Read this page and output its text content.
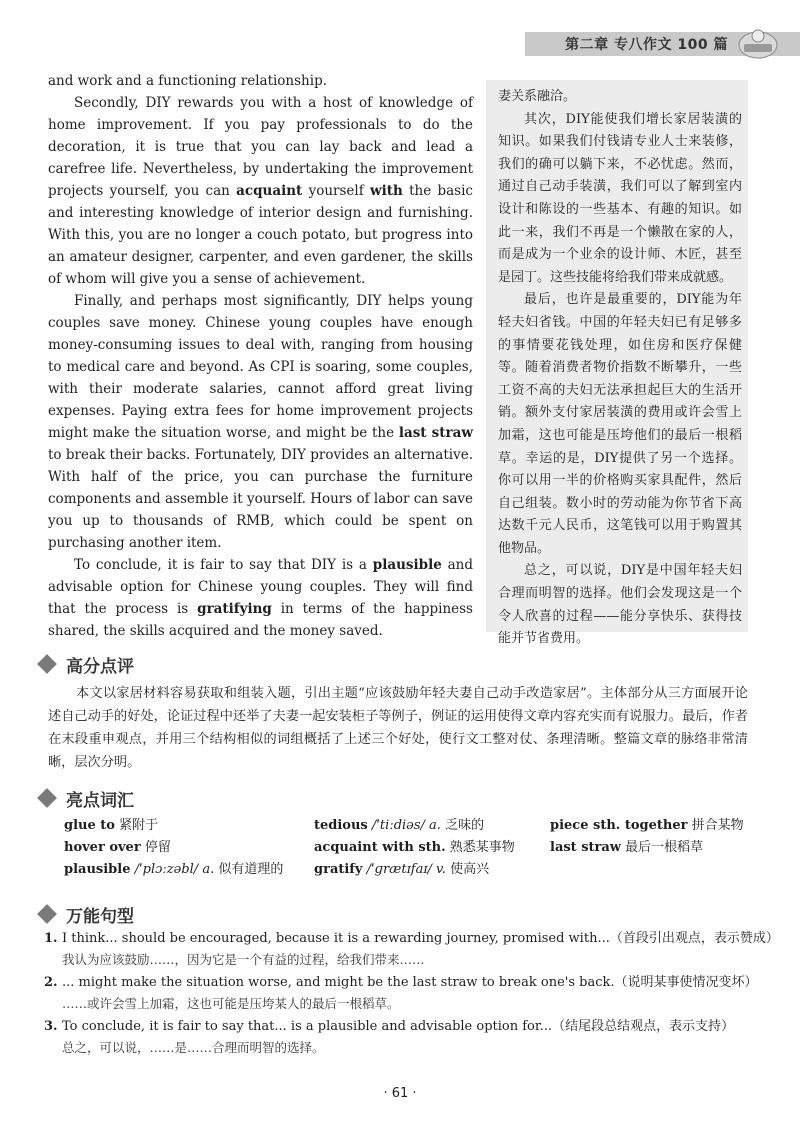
第二章 专八作文 100 篇

and work and a functioning relationship.

Secondly, DIY rewards you with a host of knowledge of home improvement. If you pay professionals to do the decoration, it is true that you can lay back and lead a carefree life. Nevertheless, by undertaking the improvement projects yourself, you can acquaint yourself with the basic and interesting knowledge of interior design and furnishing. With this, you are no longer a couch potato, but progress into an amateur designer, carpenter, and even gardener, the skills of whom will give you a sense of achievement.

Finally, and perhaps most significantly, DIY helps young couples save money. Chinese young couples have enough money-consuming issues to deal with, ranging from housing to medical care and beyond. As CPI is soaring, some couples, with their moderate salaries, cannot afford great living expenses. Paying extra fees for home improvement projects might make the situation worse, and might be the last straw to break their backs. Fortunately, DIY provides an alternative. With half of the price, you can purchase the furniture components and assemble it yourself. Hours of labor can save you up to thousands of RMB, which could be spent on purchasing another item.

To conclude, it is fair to say that DIY is a plausible and advisable option for Chinese young couples. They will find that the process is gratifying in terms of the happiness shared, the skills acquired and the money saved.

妻关系融洽。

其次，DIY能使我们增长家居装潢的知识。如果我们付钱请专业人士来装修，我们的确可以躺下来，不必忧虑。然而，通过自己动手装潢，我们可以了解到室内设计和陈设的一些基本、有趣的知识。如此一来，我们不再是一个懒散在家的人，而是成为一个业余的设计师、木匠，甚至是园丁。这些技能将给我们带来成就感。

最后，也许是最重要的，DIY能为年轻夫妇省钱。中国的年轻夫妇已有足够多的事情要花钱处理，如住房和医疗保健等。随着消费者物价指数不断攀升，一些工资不高的夫妇无法承担起巨大的生活开销。额外支付家居装潢的费用或许会雪上加霜，这也可能是压垮他们的最后一根稻草。幸运的是，DIY提供了另一个选择。你可以用一半的价格购买家具配件，然后自己组装。数小时的劳动能为你节省下高达数千元人民币，这笔钱可以用于购置其他物品。

总之，可以说，DIY是中国年轻夫妇合理而明智的选择。他们会发现这是一个令人欣喜的过程——能分享快乐、获得技能并节省费用。

高分点评

本文以家居材料容易获取和组装入题，引出主题“应该鼓励年轻夫妻自己动手改造家居”。主体部分从三方面展开论述自己动手的好处，论证过程中还举了夫妻一起安装柜子等例子，例证的运用使得文章内容充实而有说服力。最后，作者在末段重申观点，并用三个结构相似的词组概括了上述三个好处，使行文工整对仗、条理清晰。整篇文章的脉络非常清晰，层次分明。

亮点词汇
glue to 紧附于	tedious /ˈtiːdiəs/ a. 乏味的	piece sth. together 拼合某物
hover over 停留	acquaint with sth. 熟悉某事物	last straw 最后一根稻草
plausible /ˈplɔːzəbl/ a. 似有道理的 gratify /ˈɡrætɪfaɪ/ v. 使高兴
万能句型
1. I think... should be encouraged, because it is a rewarding journey, promised with...（首段引出观点，表示赞成）
我认为应该鼓励……，因为它是一个有益的过程，给我们带来……
2. ... might make the situation worse, and might be the last straw to break one's back.（说明某事使情况变坏）
……或许会雪上加霜，这也可能是压垮某人的最后一根稻草。
3. To conclude, it is fair to say that... is a plausible and advisable option for...（结尾段总结观点，表示支持）
总之，可以说，……是……合理而明智的选择。
· 61 ·
